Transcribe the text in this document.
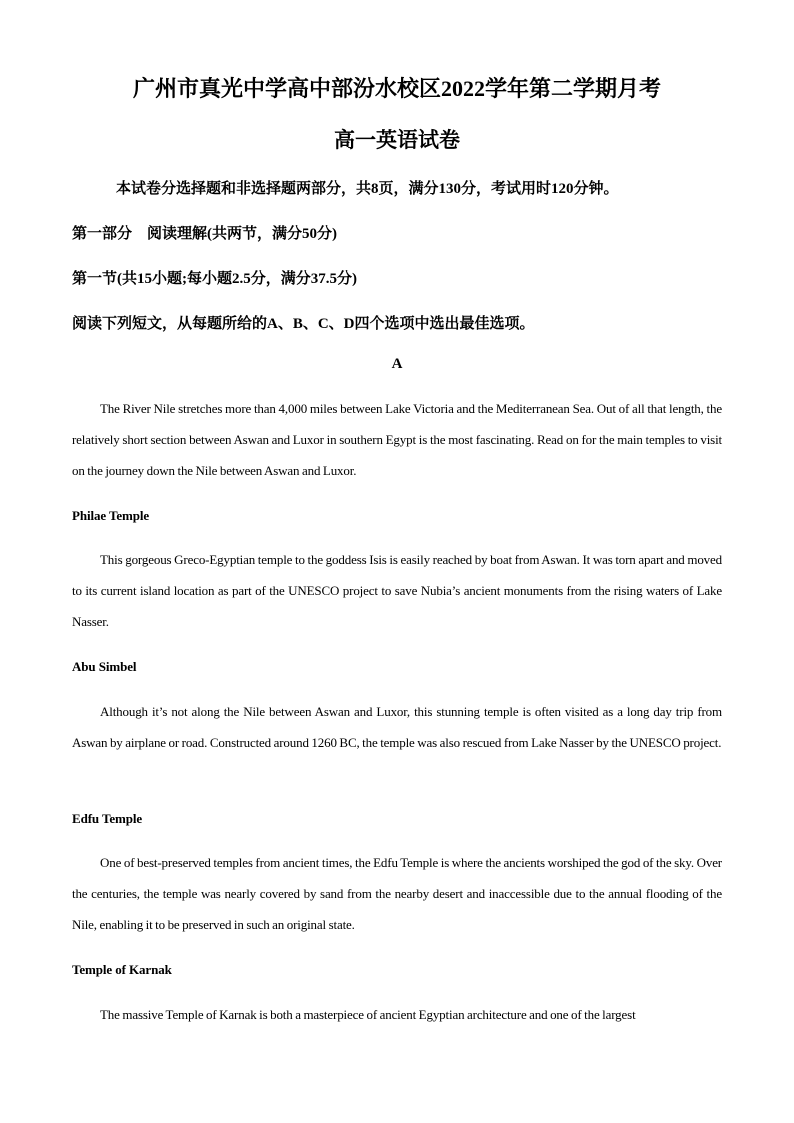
广州市真光中学高中部汾水校区2022学年第二学期月考
高一英语试卷

本试卷分选择题和非选择题两部分，共8页，满分130分，考试用时120分钟。

第一部分　阅读理解(共两节，满分50分)

第一节(共15小题;每小题2.5分，满分37.5分)

阅读下列短文，从每题所给的A、B、C、D四个选项中选出最佳选项。

A

The River Nile stretches more than 4,000 miles between Lake Victoria and the Mediterranean Sea. Out of all that length, the relatively short section between Aswan and Luxor in southern Egypt is the most fascinating. Read on for the main temples to visit on the journey down the Nile between Aswan and Luxor.

Philae Temple

This gorgeous Greco-Egyptian temple to the goddess Isis is easily reached by boat from Aswan. It was torn apart and moved to its current island location as part of the UNESCO project to save Nubia’s ancient monuments from the rising waters of Lake Nasser.

Abu Simbel

Although it’s not along the Nile between Aswan and Luxor, this stunning temple is often visited as a long day trip from Aswan by airplane or road. Constructed around 1260 BC, the temple was also rescued from Lake Nasser by the UNESCO project.

Edfu Temple

One of best-preserved temples from ancient times, the Edfu Temple is where the ancients worshiped the god of the sky. Over the centuries, the temple was nearly covered by sand from the nearby desert and inaccessible due to the annual flooding of the Nile, enabling it to be preserved in such an original state.

Temple of Karnak

The massive Temple of Karnak is both a masterpiece of ancient Egyptian architecture and one of the largest
